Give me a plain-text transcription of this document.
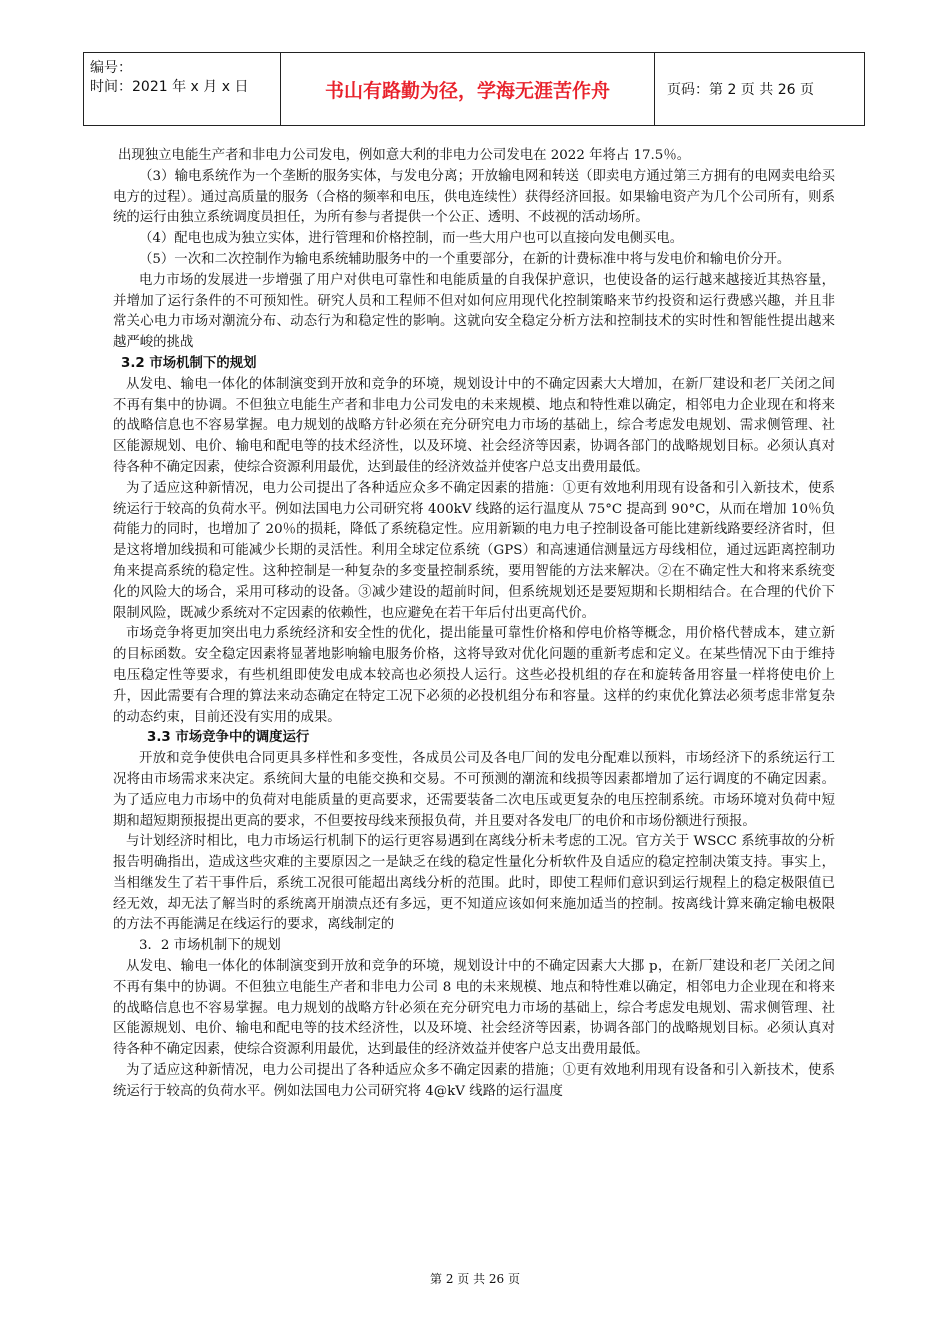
编号：
时间：2021 年 x 月 x 日	书山有路勤为径，学海无涯苦作舟	页码：第 2 页 共 26 页

出现独立电能生产者和非电力公司发电，例如意大利的非电力公司发电在 2022 年将占 17.5％。

（3）输电系统作为一个垄断的服务实体，与发电分离；开放输电网和转送（即卖电方通过第三方拥有的电网卖电给买电方的过程）。通过高质量的服务（合格的频率和电压，供电连续性）获得经济回报。如果输电资产为几个公司所有，则系统的运行由独立系统调度员担任，为所有参与者提供一个公正、透明、不歧视的活动场所。

（4）配电也成为独立实体，进行管理和价格控制，而一些大用户也可以直接向发电侧买电。

（5）一次和二次控制作为输电系统辅助服务中的一个重要部分，在新的计费标准中将与发电价和输电价分开。

电力市场的发展进一步增强了用户对供电可靠性和电能质量的自我保护意识，也使设备的运行越来越接近其热容量，并增加了运行条件的不可预知性。研究人员和工程师不但对如何应用现代化控制策略来节约投资和运行费感兴趣，并且非常关心电力市场对潮流分布、动态行为和稳定性的影响。这就向安全稳定分析方法和控制技术的实时性和智能性提出越来越严峻的挑战

3.2 市场机制下的规划

从发电、输电一体化的体制演变到开放和竞争的环境，规划设计中的不确定因素大大增加，在新厂建设和老厂关闭之间不再有集中的协调。不但独立电能生产者和非电力公司发电的未来规模、地点和特性难以确定，相邻电力企业现在和将来的战略信息也不容易掌握。电力规划的战略方针必须在充分研究电力市场的基础上，综合考虑发电规划、需求侧管理、社区能源规划、电价、输电和配电等的技术经济性，以及环境、社会经济等因素，协调各部门的战略规划目标。必须认真对待各种不确定因素，使综合资源利用最优，达到最佳的经济效益并使客户总支出费用最低。

为了适应这种新情况，电力公司提出了各种适应众多不确定因素的措施：①更有效地利用现有设备和引入新技术，使系统运行于较高的负荷水平。例如法国电力公司研究将 400kV 线路的运行温度从 75°C 提高到 90°C，从而在增加 10％负荷能力的同时，也增加了 20％的损耗，降低了系统稳定性。应用新颖的电力电子控制设备可能比建新线路要经济省时，但是这将增加线损和可能减少长期的灵活性。利用全球定位系统（GPS）和高速通信测量远方母线相位，通过远距离控制功角来提高系统的稳定性。这种控制是一种复杂的多变量控制系统，要用智能的方法来解决。②在不确定性大和将来系统变化的风险大的场合，采用可移动的设备。③减少建设的超前时间，但系统规划还是要短期和长期相结合。在合理的代价下限制风险，既减少系统对不定因素的依赖性，也应避免在若干年后付出更高代价。

市场竞争将更加突出电力系统经济和安全性的优化，提出能量可靠性价格和停电价格等概念，用价格代替成本，建立新的目标函数。安全稳定因素将显著地影响输电服务价格，这将导致对优化问题的重新考虑和定义。在某些情况下由于维持电压稳定性等要求，有些机组即使发电成本较高也必须投人运行。这些必投机组的存在和旋转备用容量一样将使电价上升，因此需要有合理的算法来动态确定在特定工况下必须的必投机组分布和容量。这样的约束优化算法必须考虑非常复杂的动态约束，目前还没有实用的成果。

3.3 市场竞争中的调度运行

开放和竞争使供电合同更具多样性和多变性，各成员公司及各电厂间的发电分配难以预料，市场经济下的系统运行工况将由市场需求来决定。系统间大量的电能交换和交易。不可预测的潮流和线损等因素都增加了运行调度的不确定因素。为了适应电力市场中的负荷对电能质量的更高要求，还需要装备二次电压或更复杂的电压控制系统。市场环境对负荷中短期和超短期预报提出更高的要求，不但要按母线来预报负荷，并且要对各发电厂的电价和市场份额进行预报。

与计划经济时相比，电力市场运行机制下的运行更容易遇到在离线分析未考虑的工况。官方关于 WSCC 系统事故的分析报告明确指出，造成这些灾难的主要原因之一是缺乏在线的稳定性量化分析软件及自适应的稳定控制决策支持。事实上，当相继发生了若干事件后，系统工况很可能超出离线分析的范围。此时，即使工程师们意识到运行规程上的稳定极限值已经无效，却无法了解当时的系统离开崩溃点还有多远，更不知道应该如何来施加适当的控制。按离线计算来确定输电极限的方法不再能满足在线运行的要求，离线制定的

3．2 市场机制下的规划

从发电、输电一体化的体制演变到开放和竞争的环境，规划设计中的不确定因素大大挪 p，在新厂建设和老厂关闭之间不再有集中的协调。不但独立电能生产者和非电力公司 8 电的未来规模、地点和特性难以确定，相邻电力企业现在和将来的战略信息也不容易掌握。电力规划的战略方针必须在充分研究电力市场的基础上，综合考虑发电规划、需求侧管理、社区能源规划、电价、输电和配电等的技术经济性，以及环境、社会经济等因素，协调各部门的战略规划目标。必须认真对待各种不确定因素，使综合资源利用最优，达到最佳的经济效益并使客户总支出费用最低。

为了适应这种新情况，电力公司提出了各种适应众多不确定因素的措施；①更有效地利用现有设备和引入新技术，使系统运行于较高的负荷水平。例如法国电力公司研究将 4@kV 线路的运行温度

第 2 页 共 26 页
